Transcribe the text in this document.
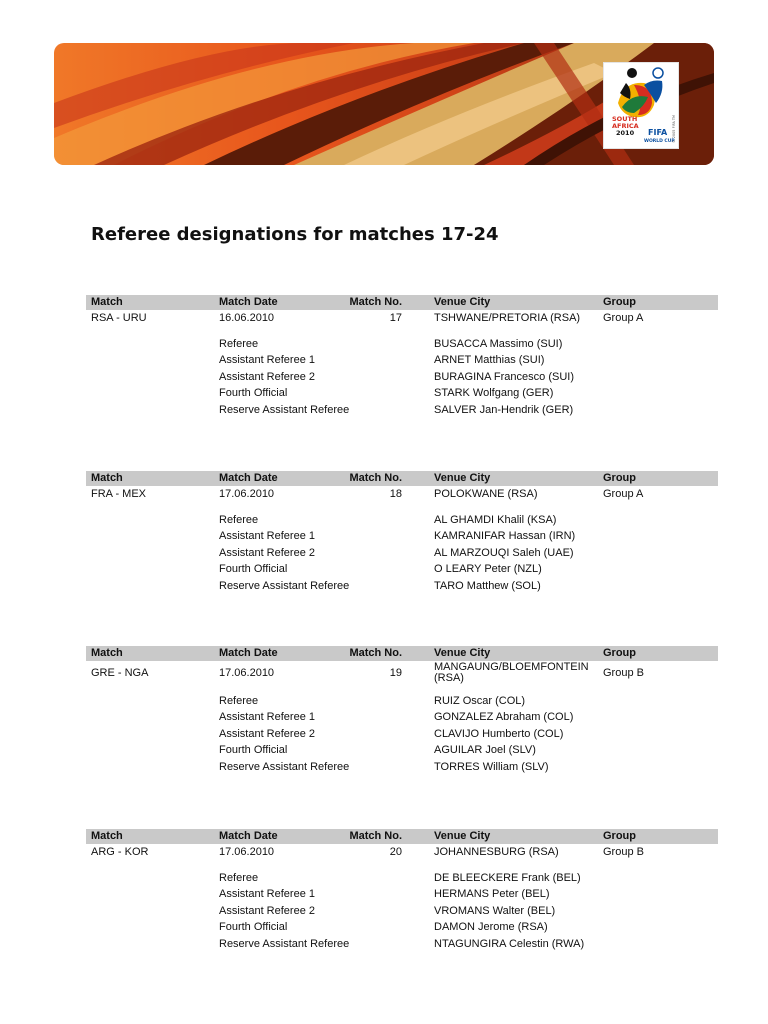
SOUTH
AFRICA
2010 FIFA
WORLD CUP
© 2005 FIFA TM
Referee designations for matches 17-24
Match	Match Date	Match No.	Venue City	Group
RSA - URU	16.06.2010	17	TSHWANE/PRETORIA (RSA) Group A
Referee	BUSACCA Massimo (SUI)
Assistant Referee 1	ARNET Matthias (SUI)
Assistant Referee 2	BURAGINA Francesco (SUI)
Fourth Official	STARK Wolfgang (GER)
Reserve Assistant Referee	SALVER Jan-Hendrik (GER)
Match	Match Date	Match No.	Venue City	Group
FRA - MEX	17.06.2010	18	POLOKWANE (RSA)	Group A
Referee	AL GHAMDI Khalil (KSA)
Assistant Referee 1	KAMRANIFAR Hassan (IRN)
Assistant Referee 2	AL MARZOUQI Saleh (UAE)
Fourth Official	O LEARY Peter (NZL)
Reserve Assistant Referee	TARO Matthew (SOL)
Match	Match Date	Match No.	Venue City	Group
GRE - NGA	17.06.2010	19	MANGAUNG/BLOEMFONTEIN (RSA)	Group B
Referee	RUIZ Oscar (COL)
Assistant Referee 1	GONZALEZ Abraham (COL)
Assistant Referee 2	CLAVIJO Humberto (COL)
Fourth Official	AGUILAR Joel (SLV)
Reserve Assistant Referee	TORRES William (SLV)
Match	Match Date	Match No.	Venue City	Group
ARG - KOR	17.06.2010	20	JOHANNESBURG (RSA)	Group B
Referee	DE BLEECKERE Frank (BEL)
Assistant Referee 1	HERMANS Peter (BEL)
Assistant Referee 2	VROMANS Walter (BEL)
Fourth Official	DAMON Jerome (RSA)
Reserve Assistant Referee	NTAGUNGIRA Celestin (RWA)
